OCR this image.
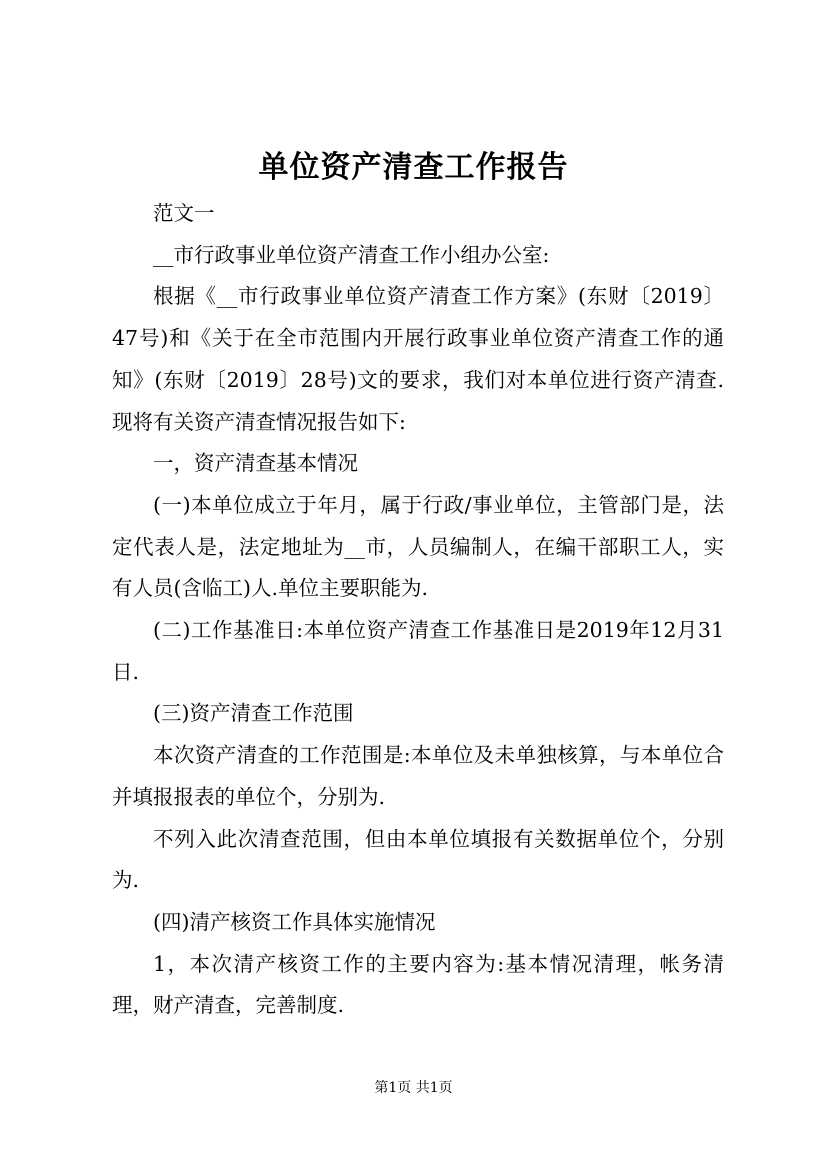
单位资产清查工作报告

范文一

__市行政事业单位资产清查工作小组办公室:

根据《__市行政事业单位资产清查工作方案》(东财〔2019〕47号)和《关于在全市范围内开展行政事业单位资产清查工作的通知》(东财〔2019〕28号)文的要求，我们对本单位进行资产清查.现将有关资产清查情况报告如下:

一，资产清查基本情况

(一)本单位成立于年月，属于行政/事业单位，主管部门是，法定代表人是，法定地址为__市，人员编制人，在编干部职工人，实有人员(含临工)人.单位主要职能为.

(二)工作基准日:本单位资产清查工作基准日是2019年12月31日.

(三)资产清查工作范围

本次资产清查的工作范围是:本单位及未单独核算，与本单位合并填报报表的单位个，分别为.

不列入此次清查范围，但由本单位填报有关数据单位个，分别为.

(四)清产核资工作具体实施情况

1，本次清产核资工作的主要内容为:基本情况清理，帐务清理，财产清查，完善制度.

第1页 共1页
